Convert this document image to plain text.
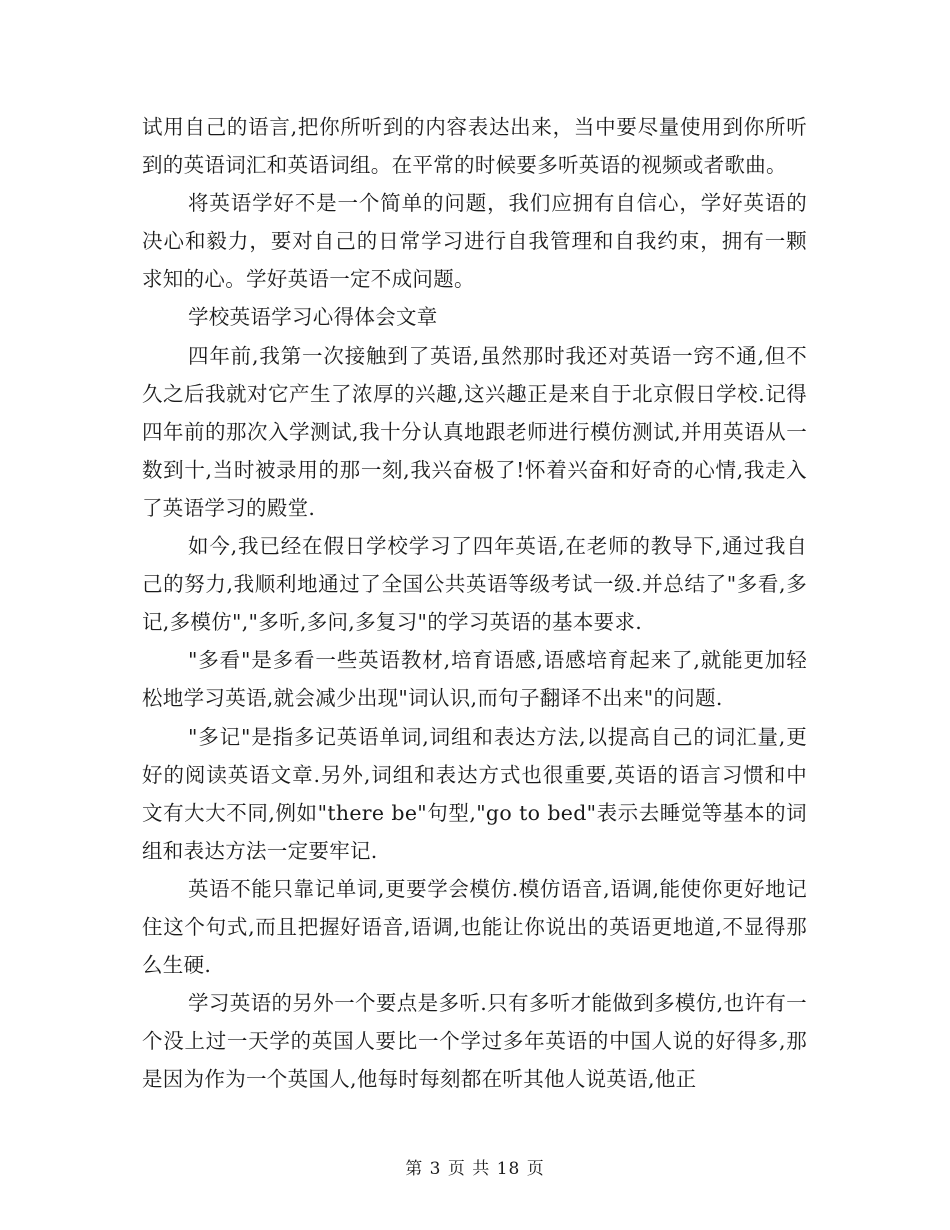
试用自己的语言,把你所听到的内容表达出来，当中要尽量使用到你所听到的英语词汇和英语词组。在平常的时候要多听英语的视频或者歌曲。

将英语学好不是一个简单的问题，我们应拥有自信心，学好英语的决心和毅力，要对自己的日常学习进行自我管理和自我约束，拥有一颗求知的心。学好英语一定不成问题。

学校英语学习心得体会文章

四年前,我第一次接触到了英语,虽然那时我还对英语一窍不通,但不久之后我就对它产生了浓厚的兴趣,这兴趣正是来自于北京假日学校.记得四年前的那次入学测试,我十分认真地跟老师进行模仿测试,并用英语从一数到十,当时被录用的那一刻,我兴奋极了!怀着兴奋和好奇的心情,我走入了英语学习的殿堂.

如今,我已经在假日学校学习了四年英语,在老师的教导下,通过我自己的努力,我顺利地通过了全国公共英语等级考试一级.并总结了"多看,多记,多模仿","多听,多问,多复习"的学习英语的基本要求.

"多看"是多看一些英语教材,培育语感,语感培育起来了,就能更加轻松地学习英语,就会减少出现"词认识,而句子翻译不出来"的问题.

"多记"是指多记英语单词,词组和表达方法,以提高自己的词汇量,更好的阅读英语文章.另外,词组和表达方式也很重要,英语的语言习惯和中文有大大不同,例如"there be"句型,"go to bed"表示去睡觉等基本的词组和表达方法一定要牢记.

英语不能只靠记单词,更要学会模仿.模仿语音,语调,能使你更好地记住这个句式,而且把握好语音,语调,也能让你说出的英语更地道,不显得那么生硬.

学习英语的另外一个要点是多听.只有多听才能做到多模仿,也许有一个没上过一天学的英国人要比一个学过多年英语的中国人说的好得多,那是因为作为一个英国人,他每时每刻都在听其他人说英语,他正

第 3 页 共 18 页
